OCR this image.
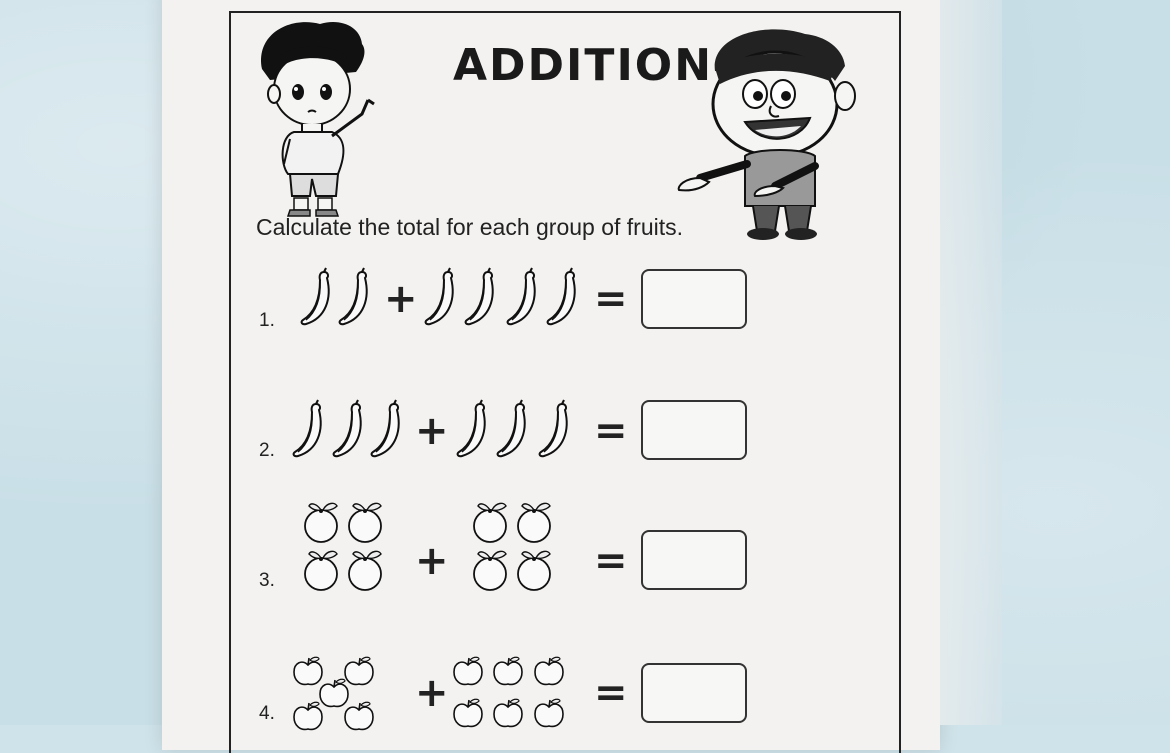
ADDITION
Calculate the total for each group of fruits.
1.	+	=
2.	+	=
3.	+	=
4.	+	=
